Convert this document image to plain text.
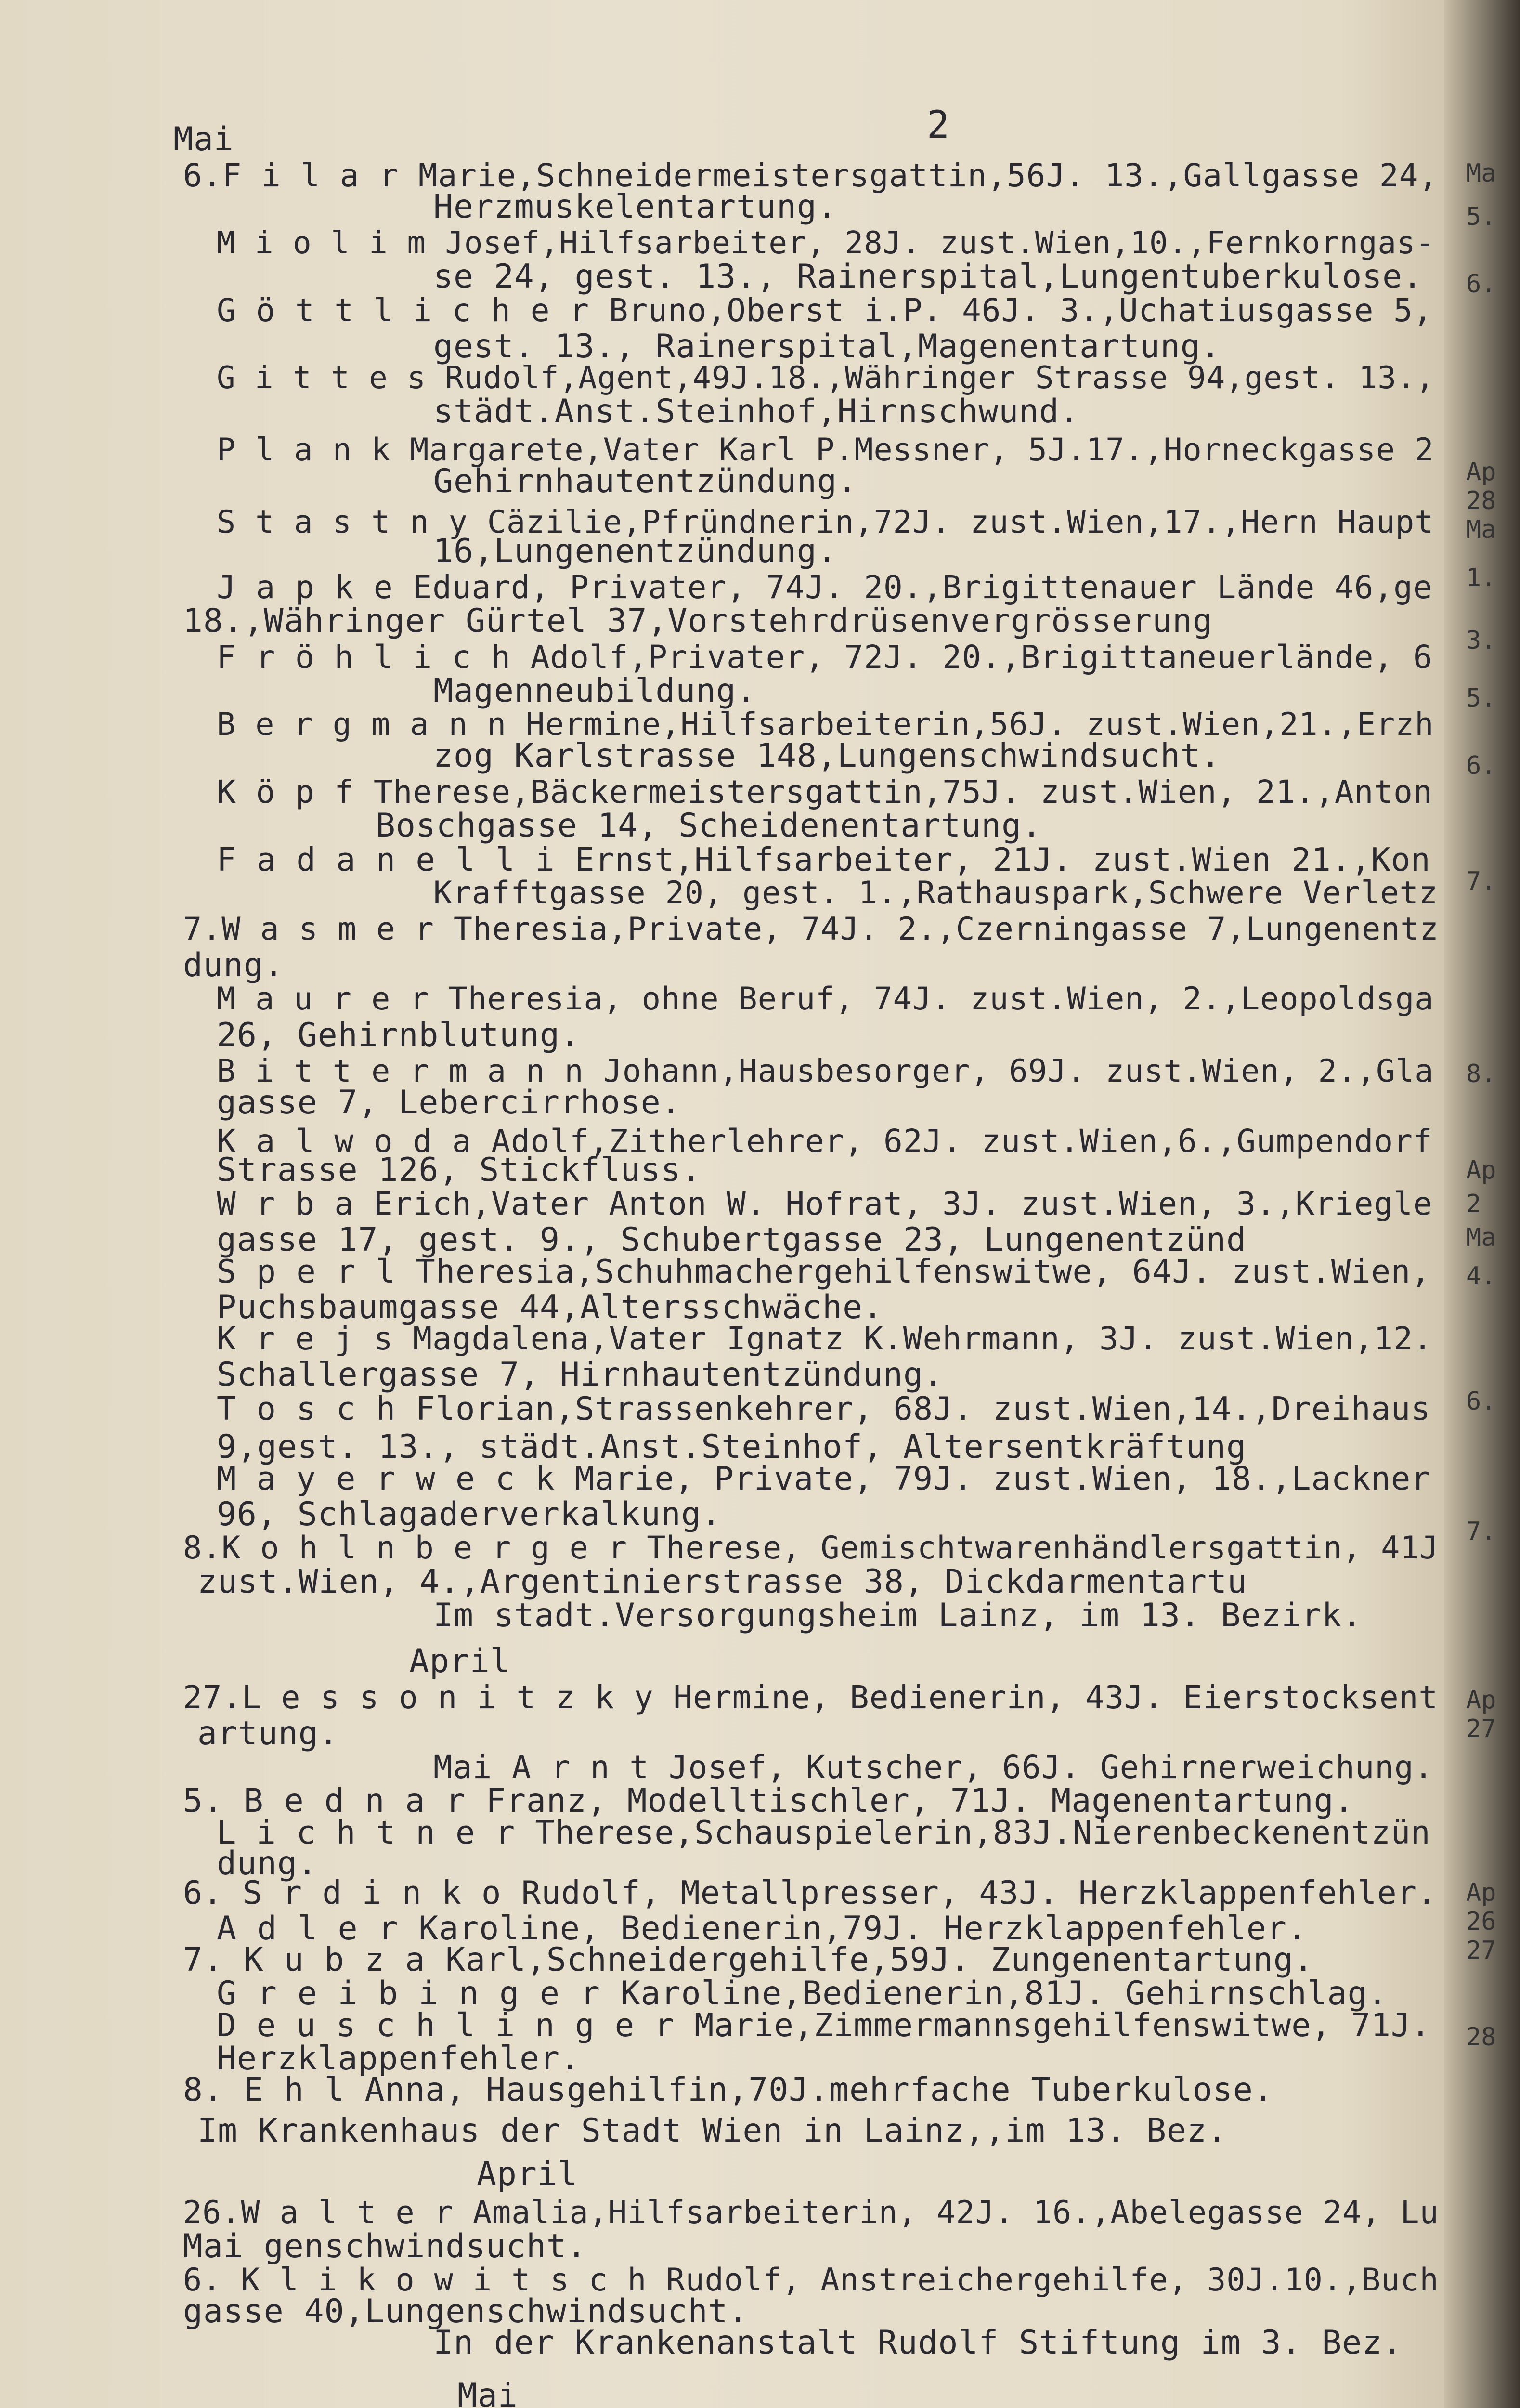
2
Mai
6.F i l a r Marie,Schneidermeistersgattin,56J. 13.,Gallgasse 24,
Herzmuskelentartung.
M i o l i m Josef,Hilfsarbeiter, 28J. zust.Wien,10.,Fernkorngas-
se 24, gest. 13., Rainerspital,Lungentuberkulose.
G ö t t l i c h e r Bruno,Oberst i.P. 46J. 3.,Uchatiusgasse 5,
gest. 13., Rainerspital,Magenentartung.
G i t t e s Rudolf,Agent,49J.18.,Währinger Strasse 94,gest. 13.,
städt.Anst.Steinhof,Hirnschwund.
P l a n k Margarete,Vater Karl P.Messner, 5J.17.,Horneckgasse 2
Gehirnhautentzündung.
S t a s t n y Cäzilie,Pfründnerin,72J. zust.Wien,17.,Hern Haupt
16,Lungenentzündung.
J a p k e Eduard, Privater, 74J. 20.,Brigittenauer Lände 46,ge
18.,Währinger Gürtel 37,Vorstehrdrüsenvergrösserung
F r ö h l i c h Adolf,Privater, 72J. 20.,Brigittaneuerlände, 6
Magenneubildung.
B e r g m a n n Hermine,Hilfsarbeiterin,56J. zust.Wien,21.,Erzh
zog Karlstrasse 148,Lungenschwindsucht.
K ö p f Therese,Bäckermeistersgattin,75J. zust.Wien, 21.,Anton
Boschgasse 14, Scheidenentartung.
F a d a n e l l i Ernst,Hilfsarbeiter, 21J. zust.Wien 21.,Kon
Krafftgasse 20, gest. 1.,Rathauspark,Schwere Verletz
7.W a s m e r Theresia,Private, 74J. 2.,Czerningasse 7,Lungenentz
dung.
M a u r e r Theresia, ohne Beruf, 74J. zust.Wien, 2.,Leopoldsga
26, Gehirnblutung.
B i t t e r m a n n Johann,Hausbesorger, 69J. zust.Wien, 2.,Gla
gasse 7, Lebercirrhose.
K a l w o d a Adolf,Zitherlehrer, 62J. zust.Wien,6.,Gumpendorf
Strasse 126, Stickfluss.
W r b a Erich,Vater Anton W. Hofrat, 3J. zust.Wien, 3.,Kriegle
gasse 17, gest. 9., Schubertgasse 23, Lungenentzünd
S p e r l Theresia,Schuhmachergehilfenswitwe, 64J. zust.Wien,
Puchsbaumgasse 44,Altersschwäche.
K r e j s Magdalena,Vater Ignatz K.Wehrmann, 3J. zust.Wien,12.
Schallergasse 7, Hirnhautentzündung.
T o s c h Florian,Strassenkehrer, 68J. zust.Wien,14.,Dreihaus
9,gest. 13., städt.Anst.Steinhof, Altersentkräftung
M a y e r w e c k Marie, Private, 79J. zust.Wien, 18.,Lackner
96, Schlagaderverkalkung.
8.K o h l n b e r g e r Therese, Gemischtwarenhändlersgattin, 41J
zust.Wien, 4.,Argentinierstrasse 38, Dickdarmentartu
Im stadt.Versorgungsheim Lainz, im 13. Bezirk.
April
27.L e s s o n i t z k y Hermine, Bedienerin, 43J. Eierstocksent
artung.
Mai A r n t Josef, Kutscher, 66J. Gehirnerweichung.
5. B e d n a r Franz, Modelltischler, 71J. Magenentartung.
L i c h t n e r Therese,Schauspielerin,83J.Nierenbeckenentzün
dung.
6. S r d i n k o Rudolf, Metallpresser, 43J. Herzklappenfehler.
A d l e r Karoline, Bedienerin,79J. Herzklappenfehler.
7. K u b z a Karl,Schneidergehilfe,59J. Zungenentartung.
G r e i b i n g e r Karoline,Bedienerin,81J. Gehirnschlag.
D e u s c h l i n g e r Marie,Zimmermannsgehilfenswitwe, 71J.
Herzklappenfehler.
8. E h l Anna, Hausgehilfin,70J.mehrfache Tuberkulose.
Im Krankenhaus der Stadt Wien in Lainz,,im 13. Bez.
April
26.W a l t e r Amalia,Hilfsarbeiterin, 42J. 16.,Abelegasse 24, Lu
Mai genschwindsucht.
6. K l i k o w i t s c h Rudolf, Anstreichergehilfe, 30J.10.,Buch
gasse 40,Lungenschwindsucht.
In der Krankenanstalt Rudolf Stiftung im 3. Bez.
Mai
Ma
5.
6.
Ap
28
Ma
1.
3.
5.
6.
7.
8.
Ap
2
Ma
4.
6.
7.
Ap
27
Ap
26
27
28
